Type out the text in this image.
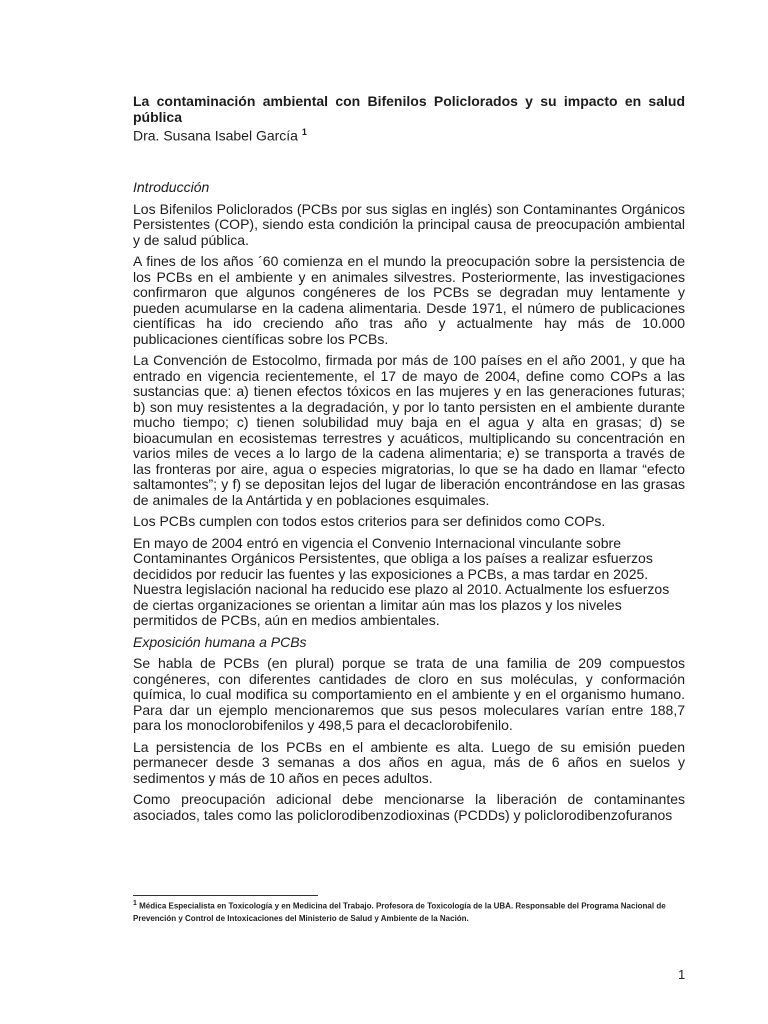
La contaminación ambiental con Bifenilos Policlorados y su impacto en salud pública

Dra. Susana Isabel García $^1$

Introducción

Los Bifenilos Policlorados (PCBs por sus siglas en inglés) son Contaminantes Orgánicos Persistentes (COP), siendo esta condición la principal causa de preocupación ambiental y de salud pública.

A fines de los años ´60 comienza en el mundo la preocupación sobre la persistencia de los PCBs en el ambiente y en animales silvestres. Posteriormente, las investigaciones confirmaron que algunos congéneres de los PCBs se degradan muy lentamente y pueden acumularse en la cadena alimentaria. Desde 1971, el número de publicaciones científicas ha ido creciendo año tras año y actualmente hay más de 10.000 publicaciones científicas sobre los PCBs.

La Convención de Estocolmo, firmada por más de 100 países en el año 2001, y que ha entrado en vigencia recientemente, el 17 de mayo de 2004, define como COPs a las sustancias que: a) tienen efectos tóxicos en las mujeres y en las generaciones futuras; b) son muy resistentes a la degradación, y por lo tanto persisten en el ambiente durante mucho tiempo; c) tienen solubilidad muy baja en el agua y alta en grasas; d) se bioacumulan en ecosistemas terrestres y acuáticos, multiplicando su concentración en varios miles de veces a lo largo de la cadena alimentaria; e) se transporta a través de las fronteras por aire, agua o especies migratorias, lo que se ha dado en llamar “efecto saltamontes”; y f) se depositan lejos del lugar de liberación encontrándose en las grasas de animales de la Antártida y en poblaciones esquimales.

Los PCBs cumplen con todos estos criterios para ser definidos como COPs.

En mayo de 2004 entró en vigencia el Convenio Internacional vinculante sobre Contaminantes Orgánicos Persistentes, que obliga a los países a realizar esfuerzos decididos por reducir las fuentes y las exposiciones a PCBs, a mas tardar en 2025. Nuestra legislación nacional ha reducido ese plazo al 2010. Actualmente los esfuerzos de ciertas organizaciones se orientan a limitar aún mas los plazos y los niveles permitidos de PCBs, aún en medios ambientales.

Exposición humana a PCBs

Se habla de PCBs (en plural) porque se trata de una familia de 209 compuestos congéneres, con diferentes cantidades de cloro en sus moléculas, y conformación química, lo cual modifica su comportamiento en el ambiente y en el organismo humano. Para dar un ejemplo mencionaremos que sus pesos moleculares varían entre 188,7 para los monoclorobifenilos y 498,5 para el decaclorobifenilo.

La persistencia de los PCBs en el ambiente es alta. Luego de su emisión pueden permanecer desde 3 semanas a dos años en agua, más de 6 años en suelos y sedimentos y más de 10 años en peces adultos.

Como preocupación adicional debe mencionarse la liberación de contaminantes asociados, tales como las policlorodibenzodioxinas (PCDDs) y policlorodibenzofuranos

$^1$ Médica Especialista en Toxicología y en Medicina del Trabajo. Profesora de Toxicología de la UBA. Responsable del Programa Nacional de Prevención y Control de Intoxicaciones del Ministerio de Salud y Ambiente de la Nación.
1
